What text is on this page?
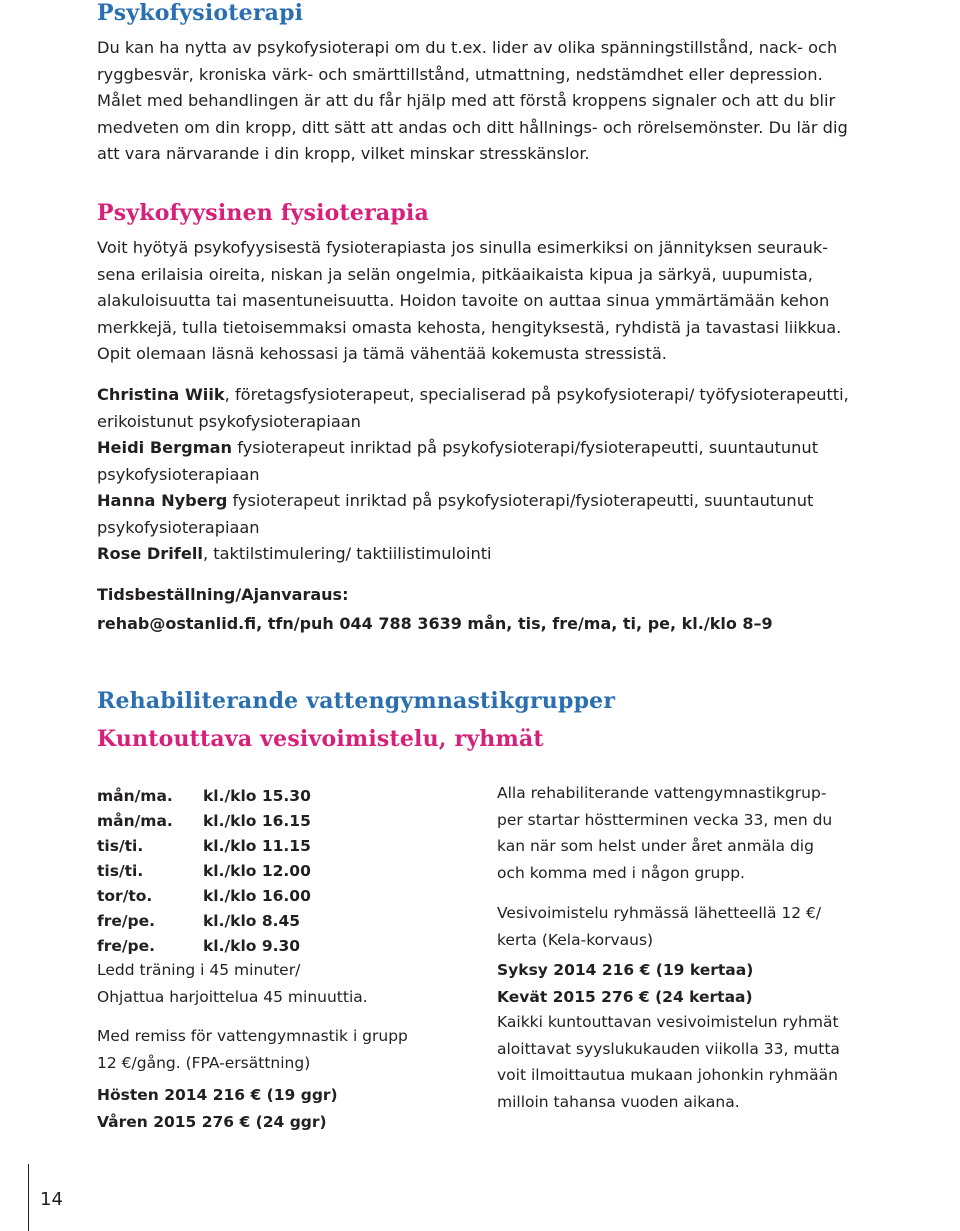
Psykofysioterapi

Du kan ha nytta av psykofysioterapi om du t.ex. lider av olika spänningstillstånd, nack- och

ryggbesvär, kroniska värk- och smärttillstånd, utmattning, nedstämdhet eller depression.

Målet med behandlingen är att du får hjälp med att förstå kroppens signaler och att du blir

medveten om din kropp, ditt sätt att andas och ditt hållnings- och rörelsemönster. Du lär dig

att vara närvarande i din kropp, vilket minskar stresskänslor.

Psykofyysinen fysioterapia

Voit hyötyä psykofyysisestä fysioterapiasta jos sinulla esimerkiksi on jännityksen seurauk-

sena erilaisia oireita, niskan ja selän ongelmia, pitkäaikaista kipua ja särkyä, uupumista,

alakuloisuutta tai masentuneisuutta. Hoidon tavoite on auttaa sinua ymmärtämään kehon

merkkejä, tulla tietoisemmaksi omasta kehosta, hengityksestä, ryhdistä ja tavastasi liikkua.

Opit olemaan läsnä kehossasi ja tämä vähentää kokemusta stressistä.

Christina Wiik, företagsfysioterapeut, specialiserad på psykofysioterapi/ työfysioterapeutti,
erikoistunut psykofysioterapiaan
Heidi Bergman fysioterapeut inriktad på psykofysioterapi/fysioterapeutti, suuntautunut
psykofysioterapiaan
Hanna Nyberg fysioterapeut inriktad på psykofysioterapi/fysioterapeutti, suuntautunut
psykofysioterapiaan
Rose Drifell, taktilstimulering/ taktiilistimulointi
Tidsbeställning/Ajanvaraus:
rehab@ostanlid.fi, tfn/puh 044 788 3639 mån, tis, fre/ma, ti, pe, kl./klo 8–9
Rehabiliterande vattengymnastikgrupper
Kuntouttava vesivoimistelu, ryhmät
mån/ma.	kl./klo 15.30
mån/ma.	kl./klo 16.15
tis/ti.	kl./klo 11.15
tis/ti.	kl./klo 12.00
tor/to.	kl./klo 16.00
fre/pe.	kl./klo 8.45
fre/pe.	kl./klo 9.30

Ledd träning i 45 minuter/

Ohjattua harjoittelua 45 minuuttia.

Med remiss för vattengymnastik i grupp

12 €/gång. (FPA-ersättning)

Hösten 2014 216 € (19 ggr)

Våren 2015 276 € (24 ggr)

Alla rehabiliterande vattengymnastikgrup-

per startar höstterminen vecka 33, men du

kan när som helst under året anmäla dig

och komma med i någon grupp.

Vesivoimistelu ryhmässä lähetteellä 12 €/

kerta (Kela-korvaus)

Syksy 2014 216 € (19 kertaa)

Kevät 2015 276 € (24 kertaa)

Kaikki kuntouttavan vesivoimistelun ryhmät

aloittavat syyslukukauden viikolla 33, mutta

voit ilmoittautua mukaan johonkin ryhmään

milloin tahansa vuoden aikana.

14
